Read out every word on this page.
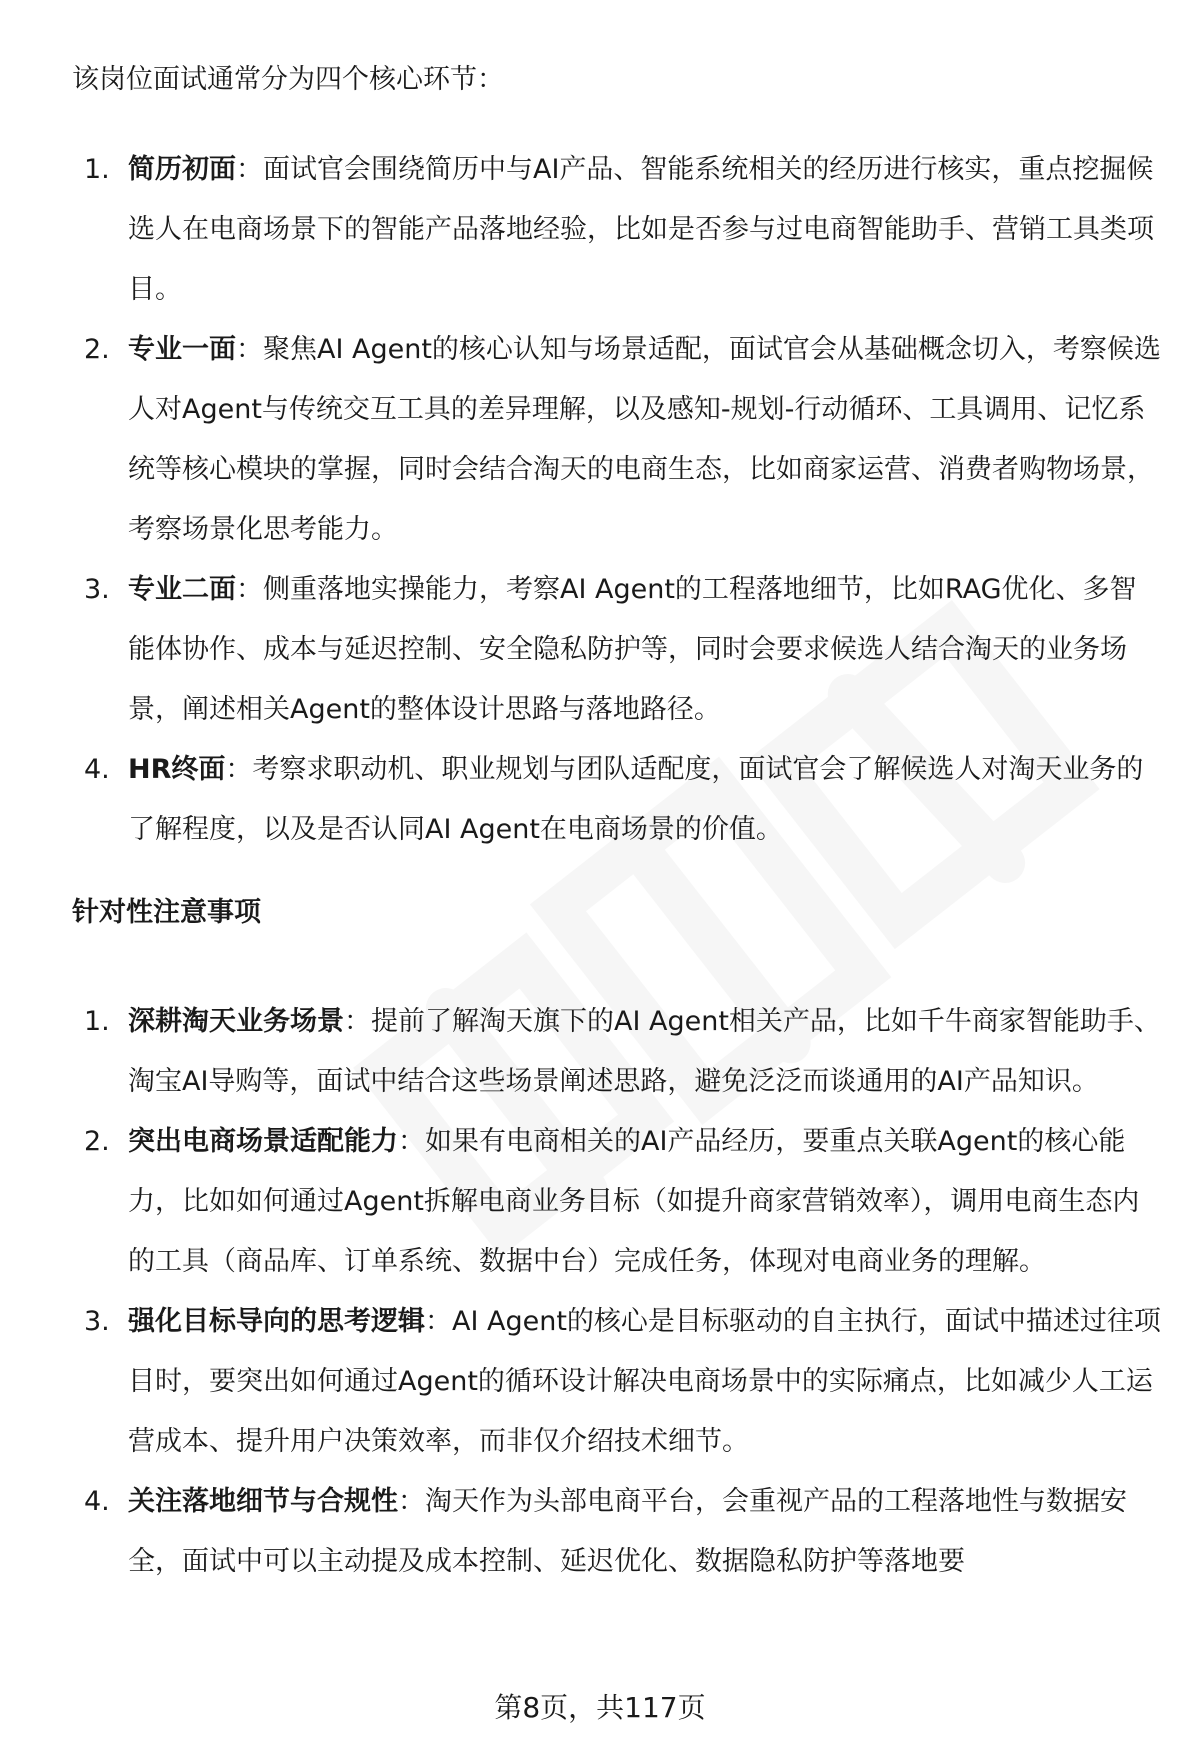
该岗位面试通常分为四个核心环节：
1. 简历初面：面试官会围绕简历中与AI产品、智能系统相关的经历进行核实，重点挖掘候选人在电商场景下的智能产品落地经验，比如是否参与过电商智能助手、营销工具类项目。
2. 专业一面：聚焦AI Agent的核心认知与场景适配，面试官会从基础概念切入，考察候选人对Agent与传统交互工具的差异理解，以及感知-规划-行动循环、工具调用、记忆系统等核心模块的掌握，同时会结合淘天的电商生态，比如商家运营、消费者购物场景，考察场景化思考能力。
3. 专业二面：侧重落地实操能力，考察AI Agent的工程落地细节，比如RAG优化、多智能体协作、成本与延迟控制、安全隐私防护等，同时会要求候选人结合淘天的业务场景，阐述相关Agent的整体设计思路与落地路径。
4. HR终面：考察求职动机、职业规划与团队适配度，面试官会了解候选人对淘天业务的了解程度，以及是否认同AI Agent在电商场景的价值。
针对性注意事项
1. 深耕淘天业务场景：提前了解淘天旗下的AI Agent相关产品，比如千牛商家智能助手、淘宝AI导购等，面试中结合这些场景阐述思路，避免泛泛而谈通用的AI产品知识。
2. 突出电商场景适配能力：如果有电商相关的AI产品经历，要重点关联Agent的核心能力，比如如何通过Agent拆解电商业务目标（如提升商家营销效率），调用电商生态内的工具（商品库、订单系统、数据中台）完成任务，体现对电商业务的理解。
3. 强化目标导向的思考逻辑：AI Agent的核心是目标驱动的自主执行，面试中描述过往项目时，要突出如何通过Agent的循环设计解决电商场景中的实际痛点，比如减少人工运营成本、提升用户决策效率，而非仅介绍技术细节。
4. 关注落地细节与合规性：淘天作为头部电商平台，会重视产品的工程落地性与数据安全，面试中可以主动提及成本控制、延迟优化、数据隐私防护等落地要
第8页，共117页
